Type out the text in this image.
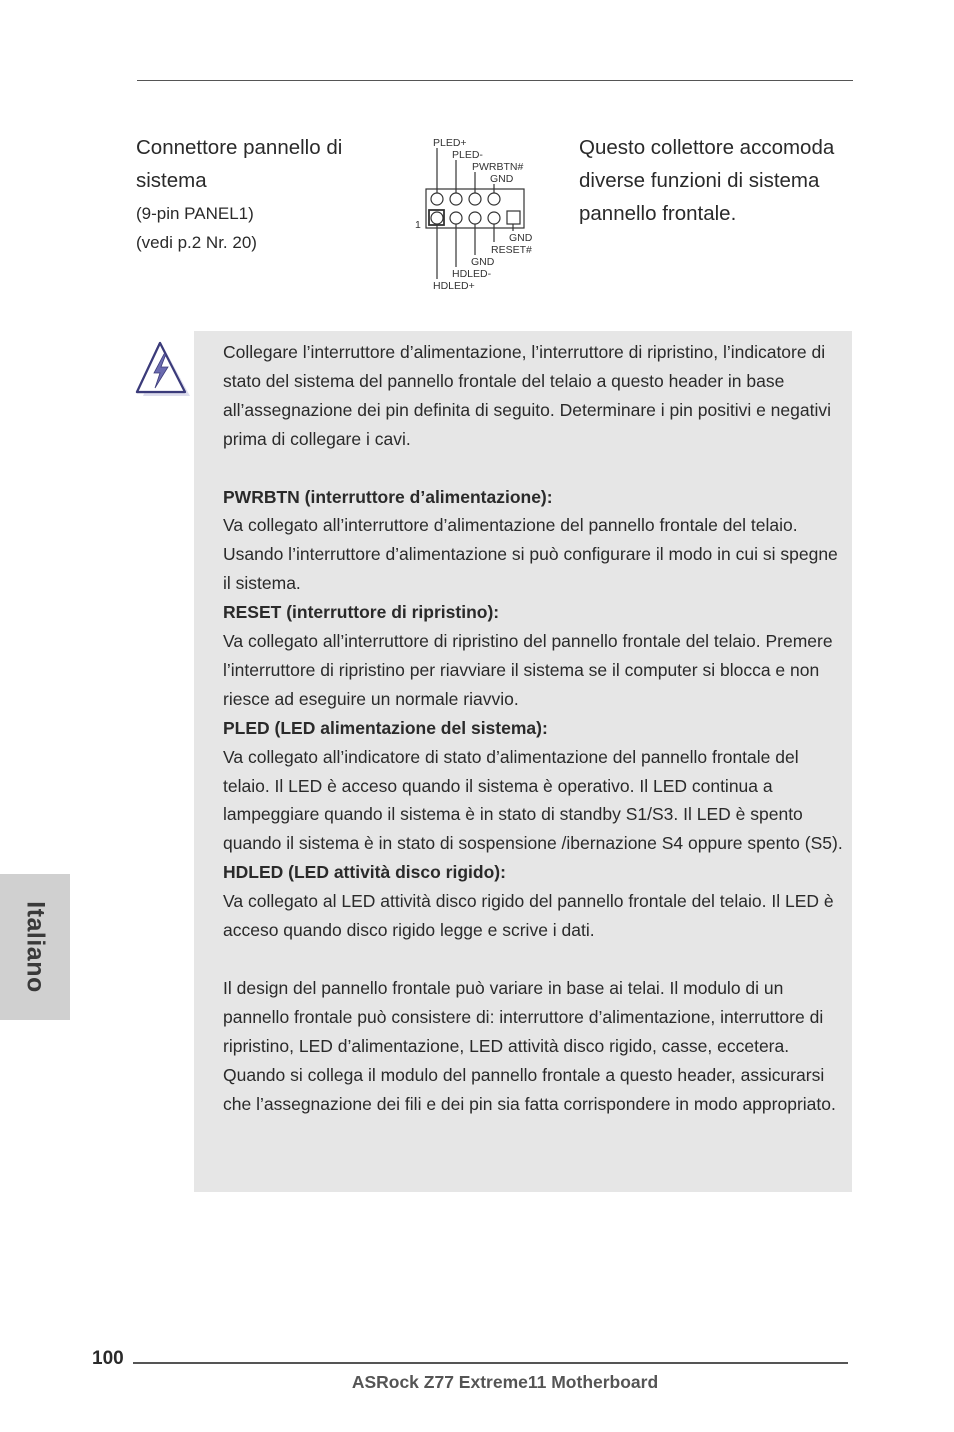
Connettore pannello di sistema
(9-pin PANEL1)
(vedi p.2 Nr. 20)
PLED+
PLED-
PWRBTN#
GND
1
GND
RESET#
GND
HDLED-
HDLED+
Questo collettore accomoda diverse funzioni di sistema pannello frontale.

Collegare l’interruttore d’alimentazione, l’interruttore di ripristino, l’indicatore di stato del sistema del pannello frontale del telaio a questo header in base all’assegnazione dei pin definita di seguito. Determinare i pin positivi e negativi prima di collegare i cavi.

PWRBTN (interruttore d’alimentazione):

Va collegato all’interruttore d’alimentazione del pannello frontale del telaio. Usando l’interruttore d’alimentazione si può configurare il modo in cui si spegne il sistema.

RESET (interruttore di ripristino):

Va collegato all’interruttore di ripristino del pannello frontale del telaio. Premere l’interruttore di ripristino per riavviare il sistema se il computer si blocca e non riesce ad eseguire un normale riavvio.

PLED (LED alimentazione del sistema):

Va collegato all’indicatore di stato d’alimentazione del pannello frontale del telaio. Il LED è acceso quando il sistema è operativo. Il LED continua a lampeggiare quando il sistema è in stato di standby S1/S3. Il LED è spento quando il sistema è in stato di sospensione /ibernazione S4 oppure spento (S5).

HDLED (LED attività disco rigido):

Va collegato al LED attività disco rigido del pannello frontale del telaio. Il LED è acceso quando disco rigido legge e scrive i dati.

Il design del pannello frontale può variare in base ai telai. Il modulo di un pannello frontale può consistere di: interruttore d’alimentazione, interruttore di ripristino, LED d’alimentazione, LED attività disco rigido, casse, eccetera. Quando si collega il modulo del pannello frontale a questo header, assicurarsi che l’assegnazione dei fili e dei pin sia fatta corrispondere in modo appropriato.

Italiano
100
ASRock Z77 Extreme11 Motherboard
